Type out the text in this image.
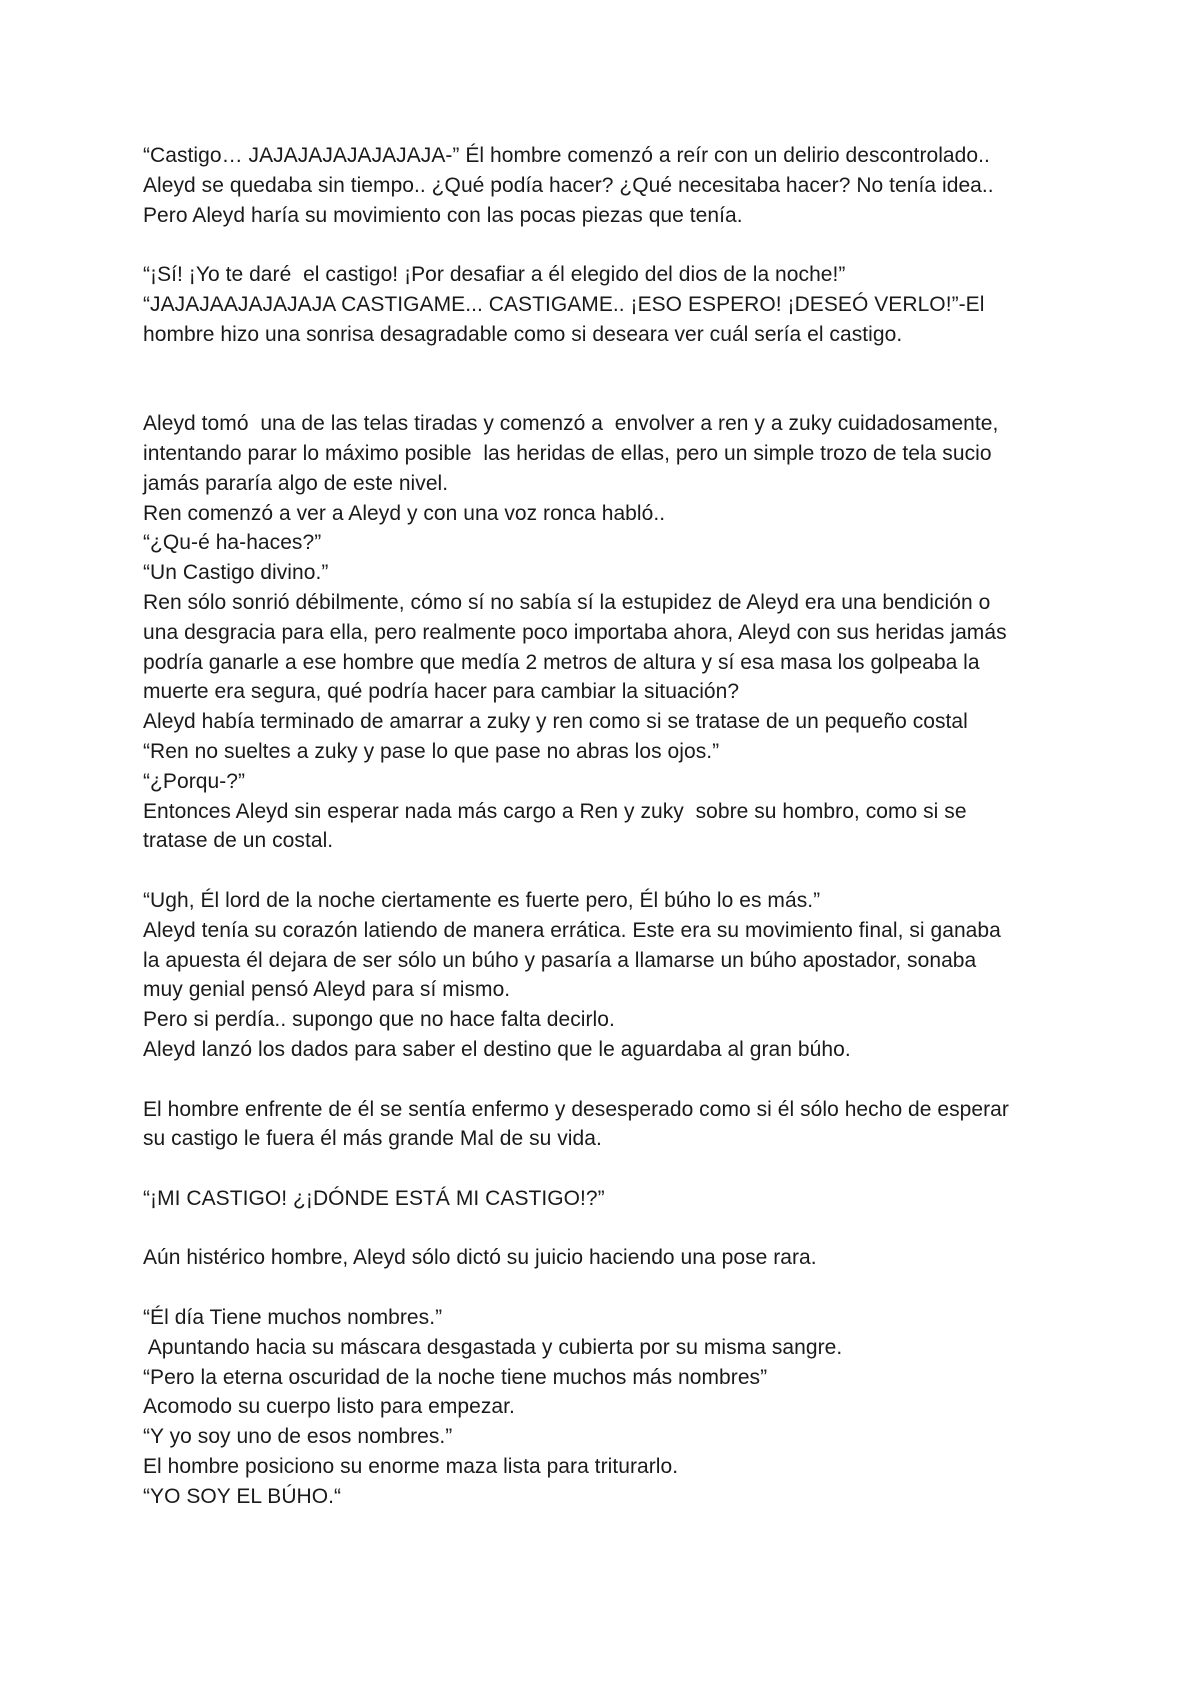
“Castigo… JAJAJAJAJAJAJAJA-” Él hombre comenzó a reír con un delirio descontrolado..
Aleyd se quedaba sin tiempo.. ¿Qué podía hacer? ¿Qué necesitaba hacer? No tenía idea..
Pero Aleyd haría su movimiento con las pocas piezas que tenía.
“¡Sí! ¡Yo te daré  el castigo! ¡Por desafiar a él elegido del dios de la noche!”
“JAJAJAAJAJAJAJA CASTIGAME... CASTIGAME.. ¡ESO ESPERO! ¡DESEÓ VERLO!”-El
hombre hizo una sonrisa desagradable como si deseara ver cuál sería el castigo.
Aleyd tomó  una de las telas tiradas y comenzó a  envolver a ren y a zuky cuidadosamente,
intentando parar lo máximo posible  las heridas de ellas, pero un simple trozo de tela sucio
jamás pararía algo de este nivel.
Ren comenzó a ver a Aleyd y con una voz ronca habló..
“¿Qu-é ha-haces?”
“Un Castigo divino.”
Ren sólo sonrió débilmente, cómo sí no sabía sí la estupidez de Aleyd era una bendición o
una desgracia para ella, pero realmente poco importaba ahora, Aleyd con sus heridas jamás
podría ganarle a ese hombre que medía 2 metros de altura y sí esa masa los golpeaba la
muerte era segura, qué podría hacer para cambiar la situación?
Aleyd había terminado de amarrar a zuky y ren como si se tratase de un pequeño costal
“Ren no sueltes a zuky y pase lo que pase no abras los ojos.”
“¿Porqu-?”
Entonces Aleyd sin esperar nada más cargo a Ren y zuky  sobre su hombro, como si se
tratase de un costal.
“Ugh, Él lord de la noche ciertamente es fuerte pero, Él búho lo es más.”
Aleyd tenía su corazón latiendo de manera errática. Este era su movimiento final, si ganaba
la apuesta él dejara de ser sólo un búho y pasaría a llamarse un búho apostador, sonaba
muy genial pensó Aleyd para sí mismo.
Pero si perdía.. supongo que no hace falta decirlo.
Aleyd lanzó los dados para saber el destino que le aguardaba al gran búho.
El hombre enfrente de él se sentía enfermo y desesperado como si él sólo hecho de esperar
su castigo le fuera él más grande Mal de su vida.
“¡MI CASTIGO! ¿¡DÓNDE ESTÁ MI CASTIGO!?”
Aún histérico hombre, Aleyd sólo dictó su juicio haciendo una pose rara.
“Él día Tiene muchos nombres.”
Apuntando hacia su máscara desgastada y cubierta por su misma sangre.
“Pero la eterna oscuridad de la noche tiene muchos más nombres”
Acomodo su cuerpo listo para empezar.
“Y yo soy uno de esos nombres.”
El hombre posiciono su enorme maza lista para triturarlo.
“YO SOY EL BÚHO.“
